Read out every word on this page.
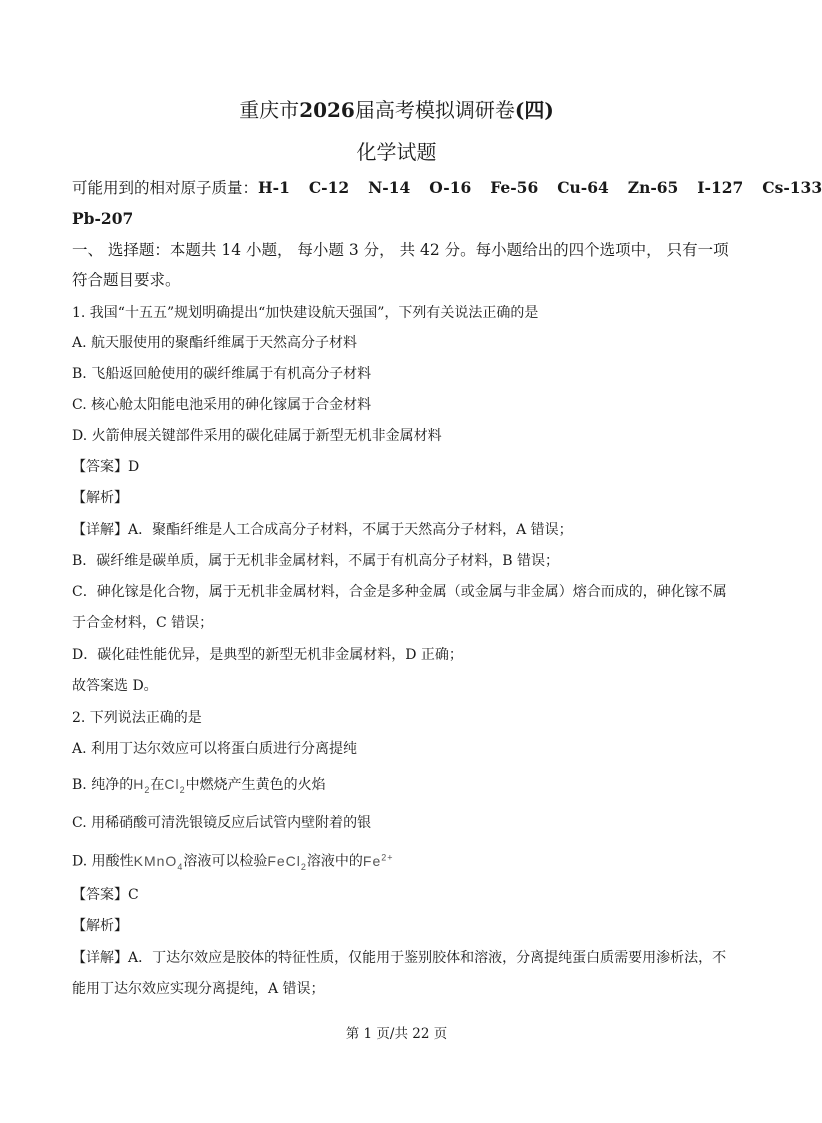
重庆市2026届高考模拟调研卷(四)
化学试题
可能用到的相对原子质量：H-1 C-12 N-14 O-16 Fe-56 Cu-64 Zn-65 I-127 Cs-133
Pb-207
一、 选择题：本题共 14 小题， 每小题 3 分， 共 42 分。每小题给出的四个选项中， 只有一项
符合题目要求。
1. 我国“十五五”规划明确提出“加快建设航天强国”，下列有关说法正确的是
A. 航天服使用的聚酯纤维属于天然高分子材料
B. 飞船返回舱使用的碳纤维属于有机高分子材料
C. 核心舱太阳能电池采用的砷化镓属于合金材料
D. 火箭伸展关键部件采用的碳化硅属于新型无机非金属材料
【答案】D
【解析】
【详解】A．聚酯纤维是人工合成高分子材料，不属于天然高分子材料，A 错误；
B．碳纤维是碳单质，属于无机非金属材料，不属于有机高分子材料，B 错误；
C．砷化镓是化合物，属于无机非金属材料，合金是多种金属（或金属与非金属）熔合而成的，砷化镓不属
于合金材料，C 错误；
D．碳化硅性能优异，是典型的新型无机非金属材料，D 正确；
故答案选 D。
2. 下列说法正确的是
A. 利用丁达尔效应可以将蛋白质进行分离提纯
B. 纯净的$H_2$在$Cl_2$中燃烧产生黄色的火焰
C. 用稀硝酸可清洗银镜反应后试管内壁附着的银
D. 用酸性KMnO$_4$溶液可以检验FeCl$_2$溶液中的$Fe^{2+}$
【答案】C
【解析】
【详解】A．丁达尔效应是胶体的特征性质，仅能用于鉴别胶体和溶液，分离提纯蛋白质需要用渗析法，不
能用丁达尔效应实现分离提纯，A 错误；
第 1 页/共 22 页
